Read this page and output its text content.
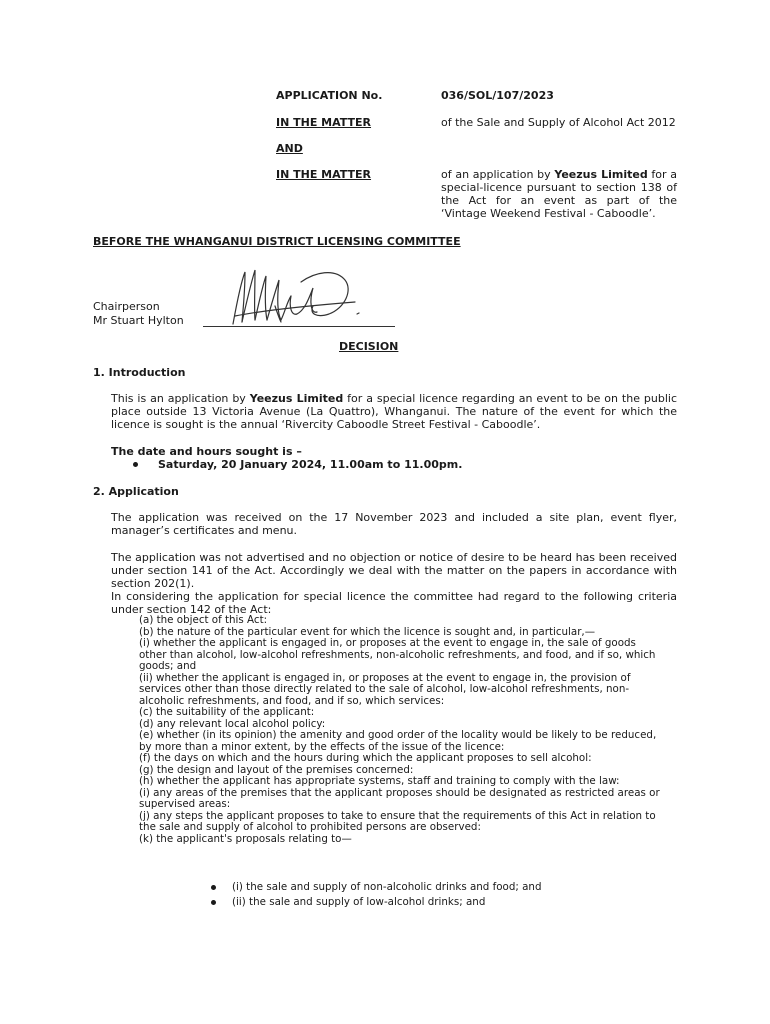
APPLICATION No.	036/SOL/107/2023
IN THE MATTER	of the Sale and Supply of Alcohol Act 2012
AND
IN THE MATTER	of an application by Yeezus Limited for a special-licence pursuant to section 138 of the Act for an event as part of the ‘Vintage Weekend Festival - Caboodle’.
BEFORE THE WHANGANUI DISTRICT LICENSING COMMITTEE
Chairperson
Mr Stuart Hylton
DECISION
1. Introduction
This is an application by Yeezus Limited for a special licence regarding an event to be on the public place outside 13 Victoria Avenue (La Quattro), Whanganui. The nature of the event for which the licence is sought is the annual ‘Rivercity Caboodle Street Festival - Caboodle’.
The date and hours sought is –
Saturday, 20 January 2024, 11.00am to 11.00pm.
2. Application
The application was received on the 17 November 2023 and included a site plan, event flyer, manager’s certificates and menu.
The application was not advertised and no objection or notice of desire to be heard has been received under section 141 of the Act. Accordingly we deal with the matter on the papers in accordance with section 202(1).
In considering the application for special licence the committee had regard to the following criteria under section 142 of the Act:
(a) the object of this Act:
(b) the nature of the particular event for which the licence is sought and, in particular,—
(i) whether the applicant is engaged in, or proposes at the event to engage in, the sale of goods
other than alcohol, low-alcohol refreshments, non-alcoholic refreshments, and food, and if so, which
goods; and
(ii) whether the applicant is engaged in, or proposes at the event to engage in, the provision of
services other than those directly related to the sale of alcohol, low-alcohol refreshments, non-
alcoholic refreshments, and food, and if so, which services:
(c) the suitability of the applicant:
(d) any relevant local alcohol policy:
(e) whether (in its opinion) the amenity and good order of the locality would be likely to be reduced,
by more than a minor extent, by the effects of the issue of the licence:
(f) the days on which and the hours during which the applicant proposes to sell alcohol:
(g) the design and layout of the premises concerned:
(h) whether the applicant has appropriate systems, staff and training to comply with the law:
(i) any areas of the premises that the applicant proposes should be designated as restricted areas or
supervised areas:
(j) any steps the applicant proposes to take to ensure that the requirements of this Act in relation to
the sale and supply of alcohol to prohibited persons are observed:
(k) the applicant's proposals relating to—
(i) the sale and supply of non-alcoholic drinks and food; and
(ii) the sale and supply of low-alcohol drinks; and
